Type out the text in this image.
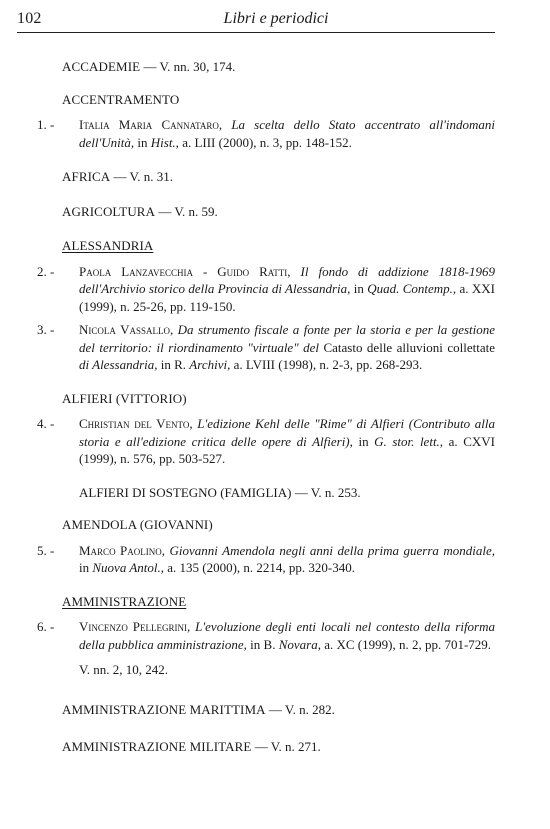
102	Libri e periodici
ACCADEMIE — V. nn. 30, 174.
ACCENTRAMENTO
1. - Italia Maria Cannataro, La scelta dello Stato accentrato all'indomani dell'Unità, in Hist., a. LIII (2000), n. 3, pp. 148-152.
AFRICA — V. n. 31.
AGRICOLTURA — V. n. 59.
ALESSANDRIA
2. - Paola Lanzavecchia - Guido Ratti, Il fondo di addizione 1818-1969 dell'Archivio storico della Provincia di Alessandria, in Quad. Contemp., a. XXI (1999), n. 25-26, pp. 119-150.
3. - Nicola Vassallo, Da strumento fiscale a fonte per la storia e per la gestione del territorio: il riordinamento "virtuale" del Catasto delle alluvioni collettate di Alessandria, in R. Archivi, a. LVIII (1998), n. 2-3, pp. 268-293.
ALFIERI (VITTORIO)
4. - Christian del Vento, L'edizione Kehl delle "Rime" di Alfieri (Contributo alla storia e all'edizione critica delle opere di Alfieri), in G. stor. lett., a. CXVI (1999), n. 576, pp. 503-527.
ALFIERI DI SOSTEGNO (FAMIGLIA) — V. n. 253.
AMENDOLA (GIOVANNI)
5. - Marco Paolino, Giovanni Amendola negli anni della prima guerra mondiale, in Nuova Antol., a. 135 (2000), n. 2214, pp. 320-340.
AMMINISTRAZIONE
6. - Vincenzo Pellegrini, L'evoluzione degli enti locali nel contesto della riforma della pubblica amministrazione, in B. Novara, a. XC (1999), n. 2, pp. 701-729.
V. nn. 2, 10, 242.
AMMINISTRAZIONE MARITTIMA — V. n. 282.
AMMINISTRAZIONE MILITARE — V. n. 271.
